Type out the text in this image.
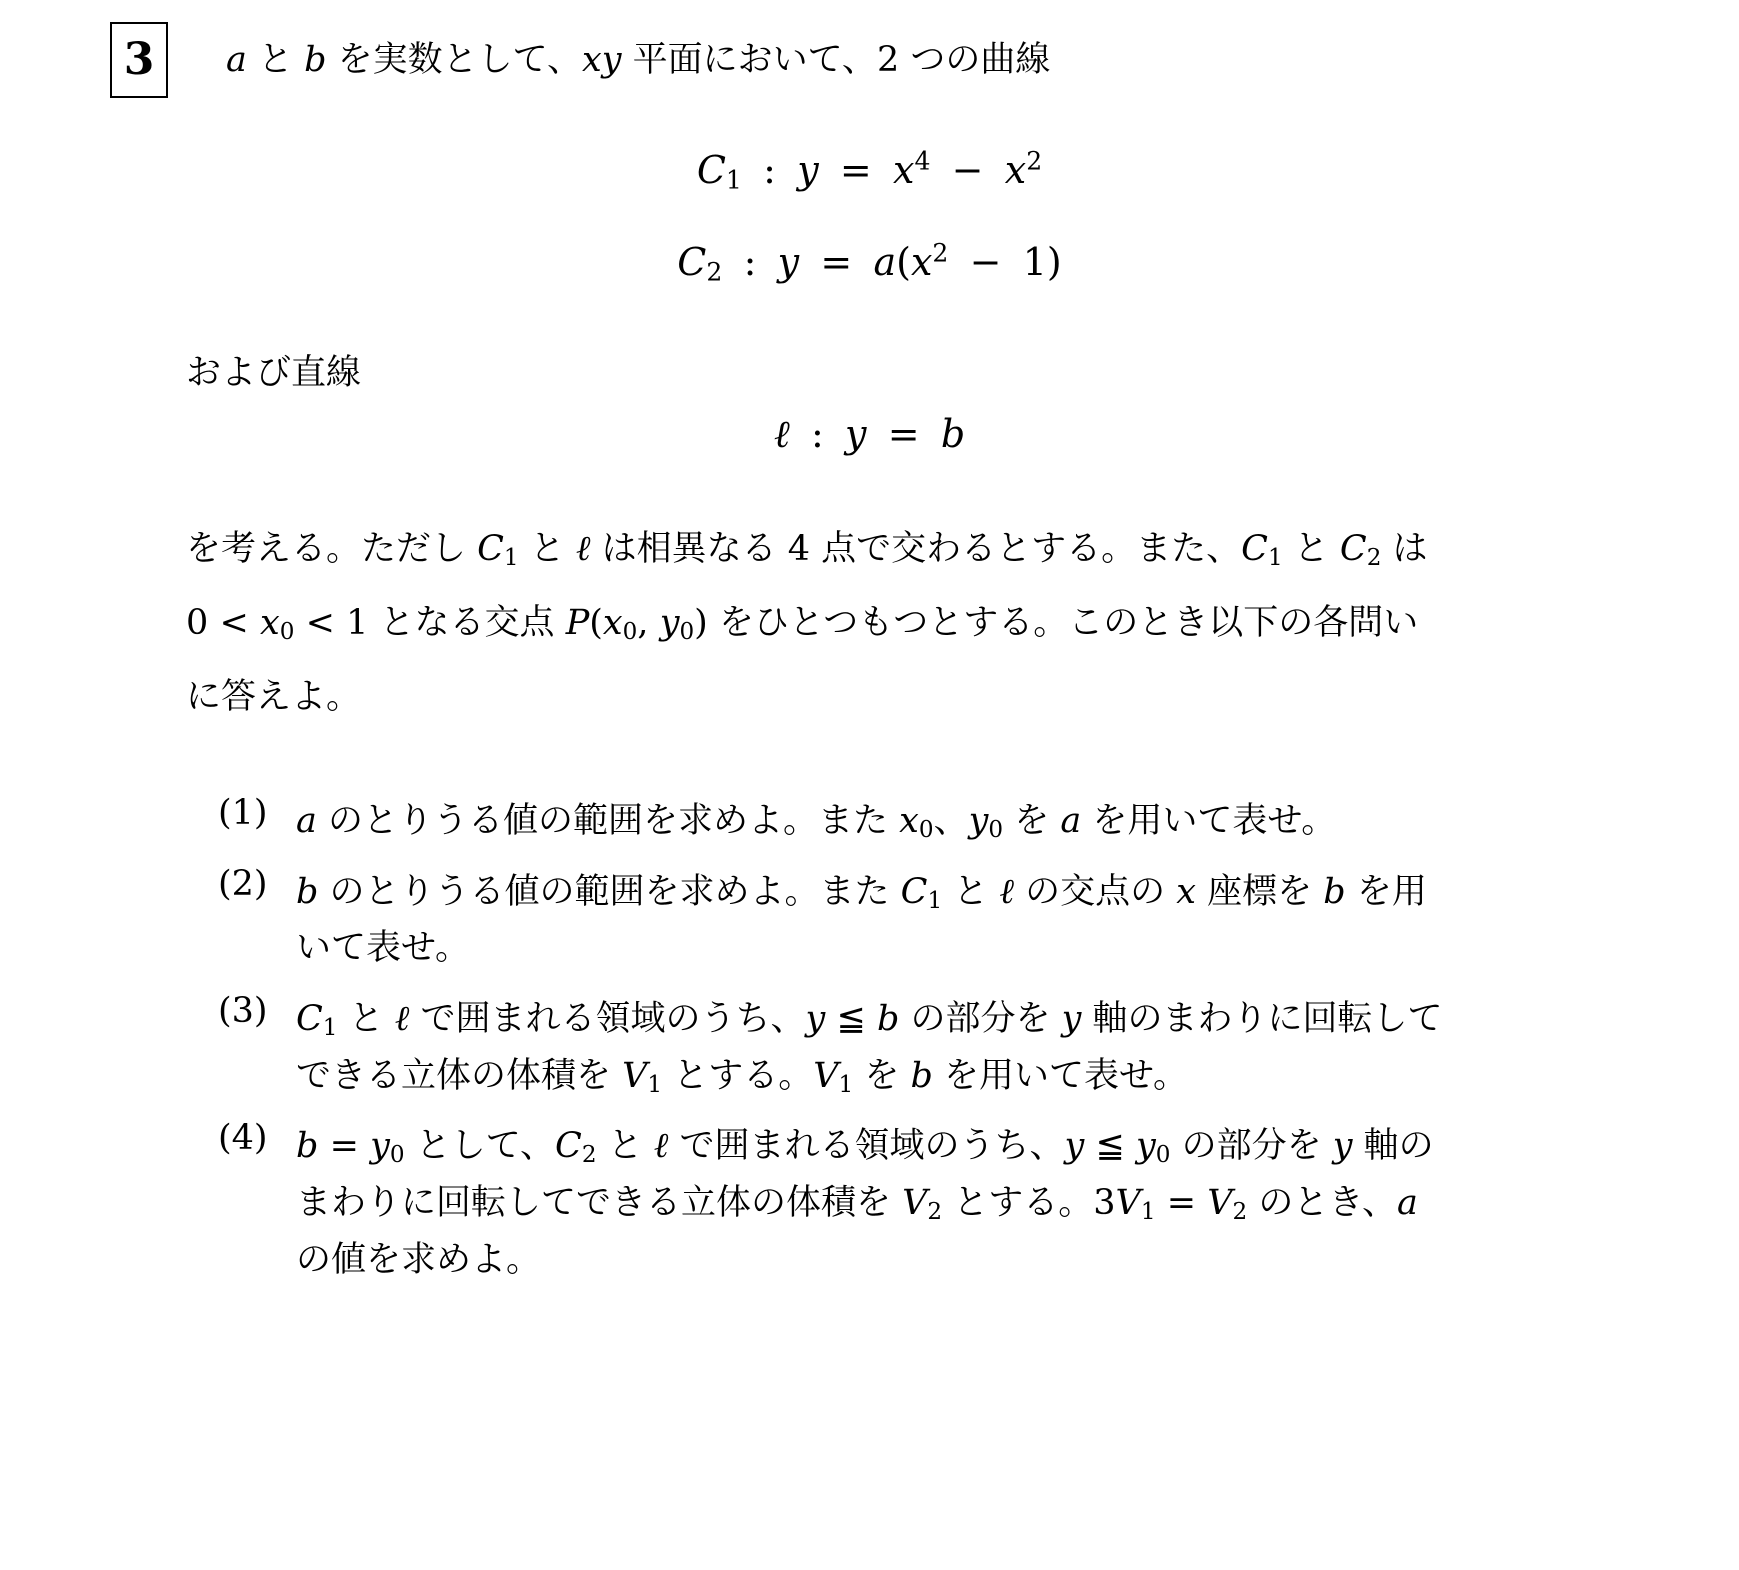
3	a と b を実数として、xy 平面において、2 つの曲線
$C_1$ : $y = x^4 - x^2$
$C_2$ : $y = a(x^2 - 1)$
および直線
ℓ : y = b
を考える。ただし $C_1$ と ℓ は相異なる 4 点で交わるとする。また、$C_1$ と $C_2$ は
$0 < x_0 < 1$ となる交点 $P(x_0$, $y_0$) をひとつもつとする。このとき以下の各問い
に答えよ。
(1) a のとりうる値の範囲を求めよ。また $x_0$、$y_0$ を a を用いて表せ。
(2) b のとりうる値の範囲を求めよ。また $C_1$ と ℓ の交点の x 座標を b を用
いて表せ。
(3) $C_1$ と ℓ で囲まれる領域のうち、y ≦ b の部分を y 軸のまわりに回転して
できる立体の体積を $V_1$ とする。$V_1$ を b を用いて表せ。
(4) $b = y_0$ として、$C_2$ と ℓ で囲まれる領域のうち、y ≦ $y_0$ の部分を y 軸の
まわりに回転してできる立体の体積を $V_2$ とする。$3V_1 = V_2$ のとき、a
の値を求めよ。
